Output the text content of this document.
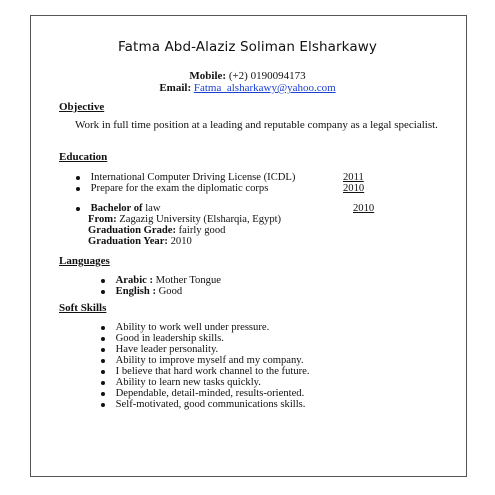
Fatma Abd-Alaziz Soliman Elsharkawy
Mobile: (+2) 0190094173
Email: Fatma_alsharkawy@yahoo.com
Objective
Work in full time position at a leading and reputable company as a legal specialist.
Education
International Computer Driving License (ICDL)	2011
Prepare for the exam the diplomatic corps	2010
Bachelor of law	2010
From: Zagazig University (Elsharqia, Egypt)
Graduation Grade: fairly good
Graduation Year: 2010
Languages
Arabic : Mother Tongue
English : Good
Soft Skills
Ability to work well under pressure.
Good in leadership skills.
Have leader personality.
Ability to improve myself and my company.
I believe that hard work channel to the future.
Ability to learn new tasks quickly.
Dependable, detail-minded, results-oriented.
Self-motivated, good communications skills.
